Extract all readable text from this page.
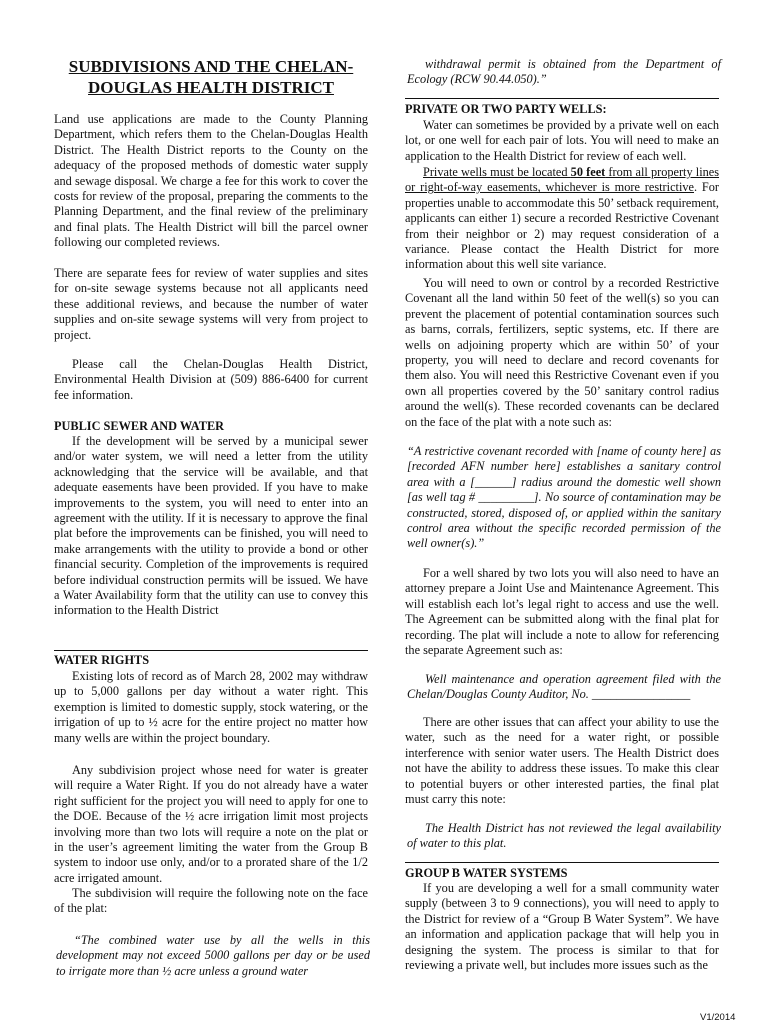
SUBDIVISIONS AND THE CHELAN-DOUGLAS HEALTH DISTRICT

Land use applications are made to the County Planning Department, which refers them to the Chelan-Douglas Health District. The Health District reports to the County on the adequacy of the proposed methods of domestic water supply and sewage disposal. We charge a fee for this work to cover the costs for review of the proposal, preparing the comments to the Planning Department, and the final review of the preliminary and final plats. The Health District will bill the parcel owner following our completed reviews.

There are separate fees for review of water supplies and sites for on-site sewage systems because not all applicants need these additional reviews, and because the number of water supplies and on-site sewage systems will very from project to project.

Please call the Chelan-Douglas Health District, Environmental Health Division at (509) 886-6400 for current fee information.

PUBLIC SEWER AND WATER

If the development will be served by a municipal sewer and/or water system, we will need a letter from the utility acknowledging that the service will be available, and that adequate easements have been provided. If you have to make improvements to the system, you will need to enter into an agreement with the utility. If it is necessary to approve the final plat before the improvements can be finished, you will need to make arrangements with the utility to provide a bond or other financial security. Completion of the improvements is required before individual construction permits will be issued. We have a Water Availability form that the utility can use to convey this information to the Health District

WATER RIGHTS

Existing lots of record as of March 28, 2002 may withdraw up to 5,000 gallons per day without a water right. This exemption is limited to domestic supply, stock watering, or the irrigation of up to ½ acre for the entire project no matter how many wells are within the project boundary.

Any subdivision project whose need for water is greater will require a Water Right. If you do not already have a water right sufficient for the project you will need to apply for one to the DOE. Because of the ½ acre irrigation limit most projects involving more than two lots will require a note on the plat or in the user’s agreement limiting the water from the Group B system to indoor use only, and/or to a prorated share of the 1/2 acre irrigated amount.

The subdivision will require the following note on the face of the plat:

“The combined water use by all the wells in this development may not exceed 5000 gallons per day or be used to irrigate more than ½ acre unless a ground water

withdrawal permit is obtained from the Department of Ecology (RCW 90.44.050).”

PRIVATE OR TWO PARTY WELLS:

Water can sometimes be provided by a private well on each lot, or one well for each pair of lots. You will need to make an application to the Health District for review of each well.

Private wells must be located 50 feet from all property lines or right-of-way easements, whichever is more restrictive. For properties unable to accommodate this 50’ setback requirement, applicants can either 1) secure a recorded Restrictive Covenant from their neighbor or 2) may request consideration of a variance. Please contact the Health District for more information about this well site variance.

You will need to own or control by a recorded Restrictive Covenant all the land within 50 feet of the well(s) so you can prevent the placement of potential contamination sources such as barns, corrals, fertilizers, septic systems, etc. If there are wells on adjoining property which are within 50’ of your property, you will need to declare and record covenants for them also. You will need this Restrictive Covenant even if you own all properties covered by the 50’ sanitary control radius around the well(s). These recorded covenants can be declared on the face of the plat with a note such as:

“A restrictive covenant recorded with [name of county here] as [recorded AFN number here] establishes a sanitary control area with a [______] radius around the domestic well shown [as well tag # _________]. No source of contamination may be constructed, stored, disposed of, or applied within the sanitary control area without the specific recorded permission of the well owner(s).”

For a well shared by two lots you will also need to have an attorney prepare a Joint Use and Maintenance Agreement. This will establish each lot’s legal right to access and use the well. The Agreement can be submitted along with the final plat for recording. The plat will include a note to allow for referencing the separate Agreement such as:

Well maintenance and operation agreement filed with the Chelan/Douglas County Auditor, No. ________________

There are other issues that can affect your ability to use the water, such as the need for a water right, or possible interference with senior water users. The Health District does not have the ability to address these issues. To make this clear to potential buyers or other interested parties, the final plat must carry this note:

The Health District has not reviewed the legal availability of water to this plat.

GROUP B WATER SYSTEMS

If you are developing a well for a small community water supply (between 3 to 9 connections), you will need to apply to the District for review of a “Group B Water System”. We have an information and application package that will help you in designing the system. The process is similar to that for reviewing a private well, but includes more issues such as the

V1/2014
